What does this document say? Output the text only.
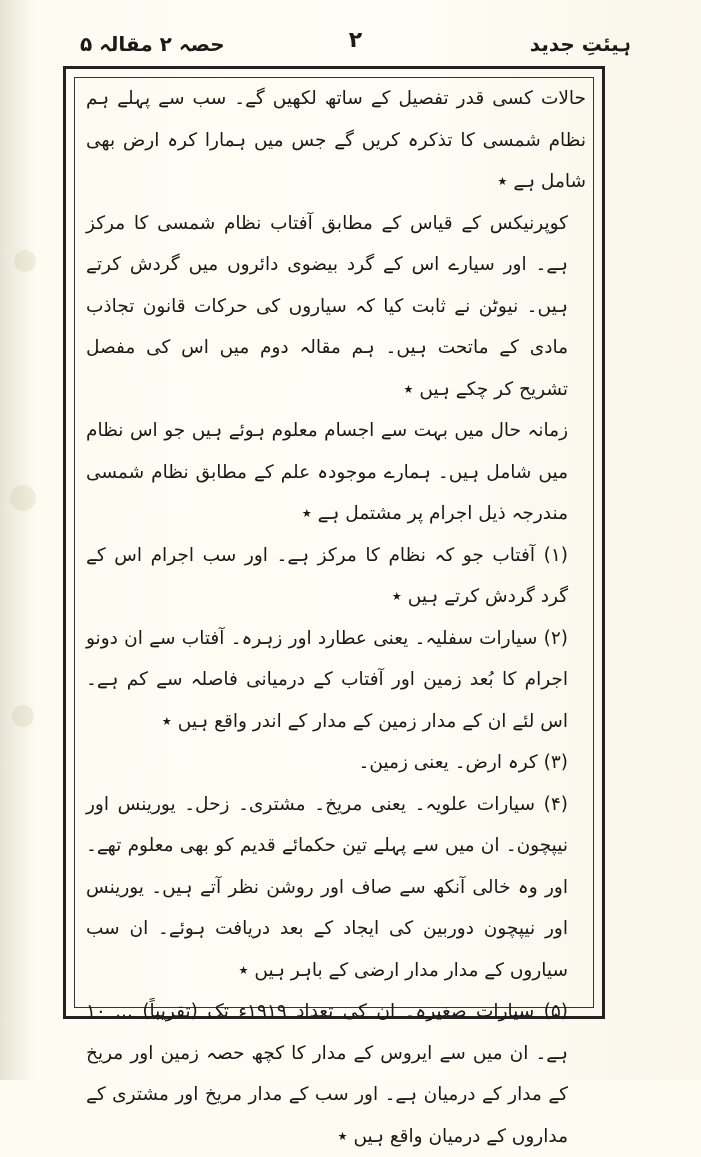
ہیئتِ جدید
۲
حصہ ۲ مقالہ ۵

حالات کسی قدر تفصیل کے ساتھ لکھیں گے۔ سب سے پہلے ہم نظام شمسی کا تذکرہ کریں گے جس میں ہمارا کرہ ارض بھی شامل ہے ٭

کوپرنیکس کے قیاس کے مطابق آفتاب نظام شمسی کا مرکز ہے۔ اور سیارے اس کے گرد بیضوی دائروں میں گردش کرتے ہیں۔ نیوٹن نے ثابت کیا کہ سیاروں کی حرکات قانون تجاذب مادی کے ماتحت ہیں۔ ہم مقالہ دوم میں اس کی مفصل تشریح کر چکے ہیں ٭

زمانہ حال میں بہت سے اجسام معلوم ہوئے ہیں جو اس نظام میں شامل ہیں۔ ہمارے موجودہ علم کے مطابق نظام شمسی مندرجہ ذیل اجرام پر مشتمل ہے ٭

(۱) آفتاب جو کہ نظام کا مرکز ہے۔ اور سب اجرام اس کے گرد گردش کرتے ہیں ٭

(۲) سیارات سفلیہ۔ یعنی عطارد اور زہرہ۔ آفتاب سے ان دونو اجرام کا بُعد زمین اور آفتاب کے درمیانی فاصلہ سے کم ہے۔ اس لئے ان کے مدار زمین کے مدار کے اندر واقع ہیں ٭

(۳) کرہ ارض۔ یعنی زمین۔

(۴) سیارات علویہ۔ یعنی مریخ۔ مشتری۔ زحل۔ یورینس اور نیپچون۔ ان میں سے پہلے تین حکمائے قدیم کو بھی معلوم تھے۔ اور وہ خالی آنکھ سے صاف اور روشن نظر آتے ہیں۔ یورینس اور نیپچون دوربین کی ایجاد کے بعد دریافت ہوئے۔ ان سب سیاروں کے مدار مدار ارضی کے باہر ہیں ٭

(۵) سیارات صغیرہ۔ ان کی تعداد ۱۹۱۹ء تک (تقریباً) ... ۱۰ ہے۔ ان میں سے ایروس کے مدار کا کچھ حصہ زمین اور مریخ کے مدار کے درمیان ہے۔ اور سب کے مدار مریخ اور مشتری کے مداروں کے درمیان واقع ہیں ٭
